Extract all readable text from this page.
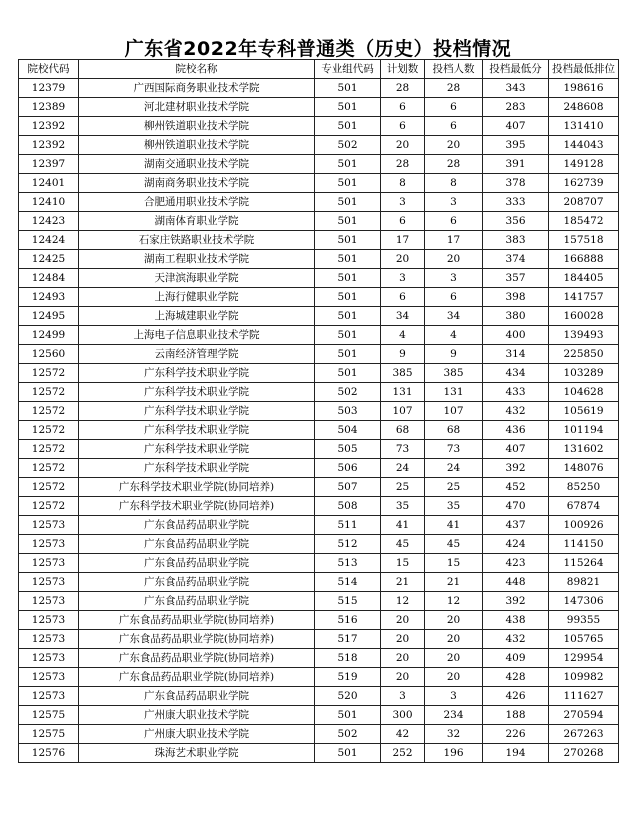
广东省2022年专科普通类（历史）投档情况
院校代码	院校名称	专业组代码	计划数	投档人数	投档最低分	投档最低排位
12379	广西国际商务职业技术学院	501	28	28	343	198616
12389	河北建材职业技术学院	501	6	6	283	248608
12392	柳州铁道职业技术学院	501	6	6	407	131410
12392	柳州铁道职业技术学院	502	20	20	395	144043
12397	湖南交通职业技术学院	501	28	28	391	149128
12401	湖南商务职业技术学院	501	8	8	378	162739
12410	合肥通用职业技术学院	501	3	3	333	208707
12423	湖南体育职业学院	501	6	6	356	185472
12424	石家庄铁路职业技术学院	501	17	17	383	157518
12425	湖南工程职业技术学院	501	20	20	374	166888
12484	天津滨海职业学院	501	3	3	357	184405
12493	上海行健职业学院	501	6	6	398	141757
12495	上海城建职业学院	501	34	34	380	160028
12499	上海电子信息职业技术学院	501	4	4	400	139493
12560	云南经济管理学院	501	9	9	314	225850
12572	广东科学技术职业学院	501	385	385	434	103289
12572	广东科学技术职业学院	502	131	131	433	104628
12572	广东科学技术职业学院	503	107	107	432	105619
12572	广东科学技术职业学院	504	68	68	436	101194
12572	广东科学技术职业学院	505	73	73	407	131602
12572	广东科学技术职业学院	506	24	24	392	148076
12572	广东科学技术职业学院(协同培养)	507	25	25	452	85250
12572	广东科学技术职业学院(协同培养)	508	35	35	470	67874
12573	广东食品药品职业学院	511	41	41	437	100926
12573	广东食品药品职业学院	512	45	45	424	114150
12573	广东食品药品职业学院	513	15	15	423	115264
12573	广东食品药品职业学院	514	21	21	448	89821
12573	广东食品药品职业学院	515	12	12	392	147306
12573	广东食品药品职业学院(协同培养)	516	20	20	438	99355
12573	广东食品药品职业学院(协同培养)	517	20	20	432	105765
12573	广东食品药品职业学院(协同培养)	518	20	20	409	129954
12573	广东食品药品职业学院(协同培养)	519	20	20	428	109982
12573	广东食品药品职业学院	520	3	3	426	111627
12575	广州康大职业技术学院	501	300	234	188	270594
12575	广州康大职业技术学院	502	42	32	226	267263
12576	珠海艺术职业学院	501	252	196	194	270268
